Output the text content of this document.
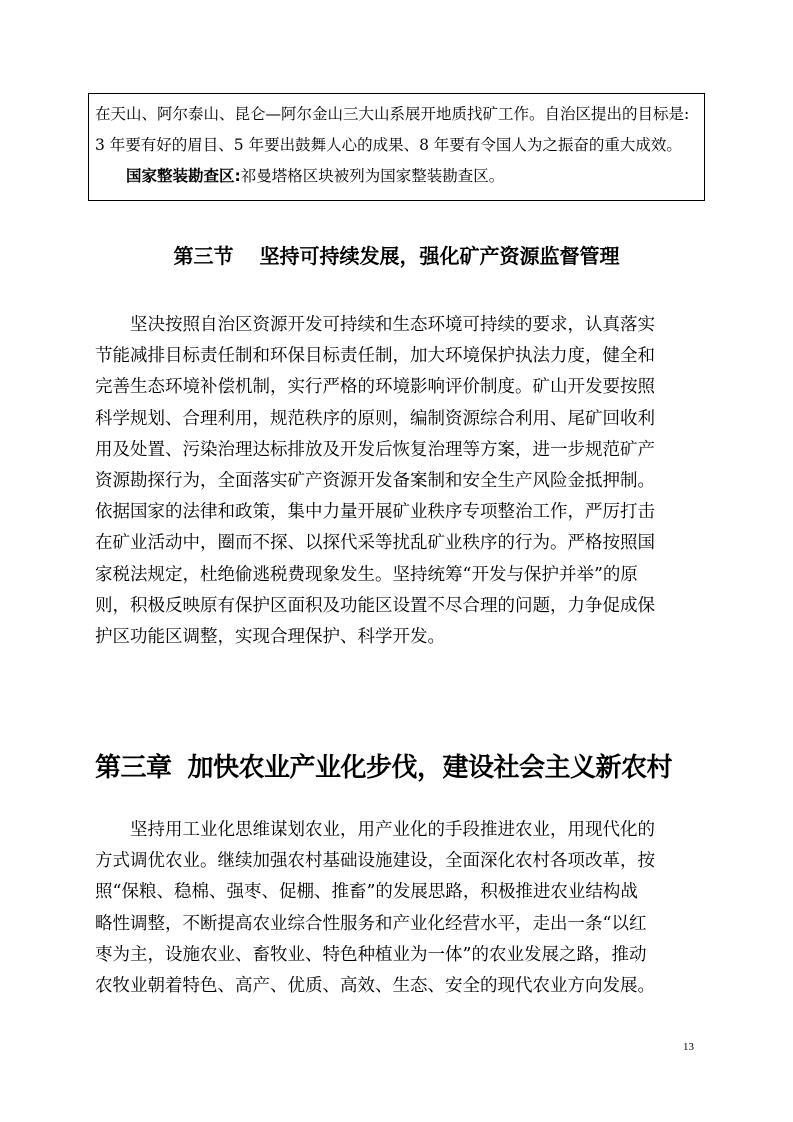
在天山、阿尔泰山、昆仑—阿尔金山三大山系展开地质找矿工作。自治区提出的目标是:

3 年要有好的眉目、5 年要出鼓舞人心的成果、8 年要有令国人为之振奋的重大成效。

国家整装勘查区:祁曼塔格区块被列为国家整装勘查区。

第三节 坚持可持续发展，强化矿产资源监督管理
坚决按照自治区资源开发可持续和生态环境可持续的要求，认真落实
节能减排目标责任制和环保目标责任制，加大环境保护执法力度，健全和
完善生态环境补偿机制，实行严格的环境影响评价制度。矿山开发要按照
科学规划、合理利用，规范秩序的原则，编制资源综合利用、尾矿回收利
用及处置、污染治理达标排放及开发后恢复治理等方案，进一步规范矿产
资源勘探行为，全面落实矿产资源开发备案制和安全生产风险金抵押制。
依据国家的法律和政策，集中力量开展矿业秩序专项整治工作，严厉打击
在矿业活动中，圈而不探、以探代采等扰乱矿业秩序的行为。严格按照国
家税法规定，杜绝偷逃税费现象发生。坚持统筹“开发与保护并举”的原
则，积极反映原有保护区面积及功能区设置不尽合理的问题，力争促成保
护区功能区调整，实现合理保护、科学开发。
第三章 加快农业产业化步伐，建设社会主义新农村
坚持用工业化思维谋划农业，用产业化的手段推进农业，用现代化的
方式调优农业。继续加强农村基础设施建设，全面深化农村各项改革，按
照“保粮、稳棉、强枣、促棚、推畜”的发展思路，积极推进农业结构战
略性调整，不断提高农业综合性服务和产业化经营水平，走出一条“以红
枣为主，设施农业、畜牧业、特色种植业为一体”的农业发展之路，推动
农牧业朝着特色、高产、优质、高效、生态、安全的现代农业方向发展。
13
